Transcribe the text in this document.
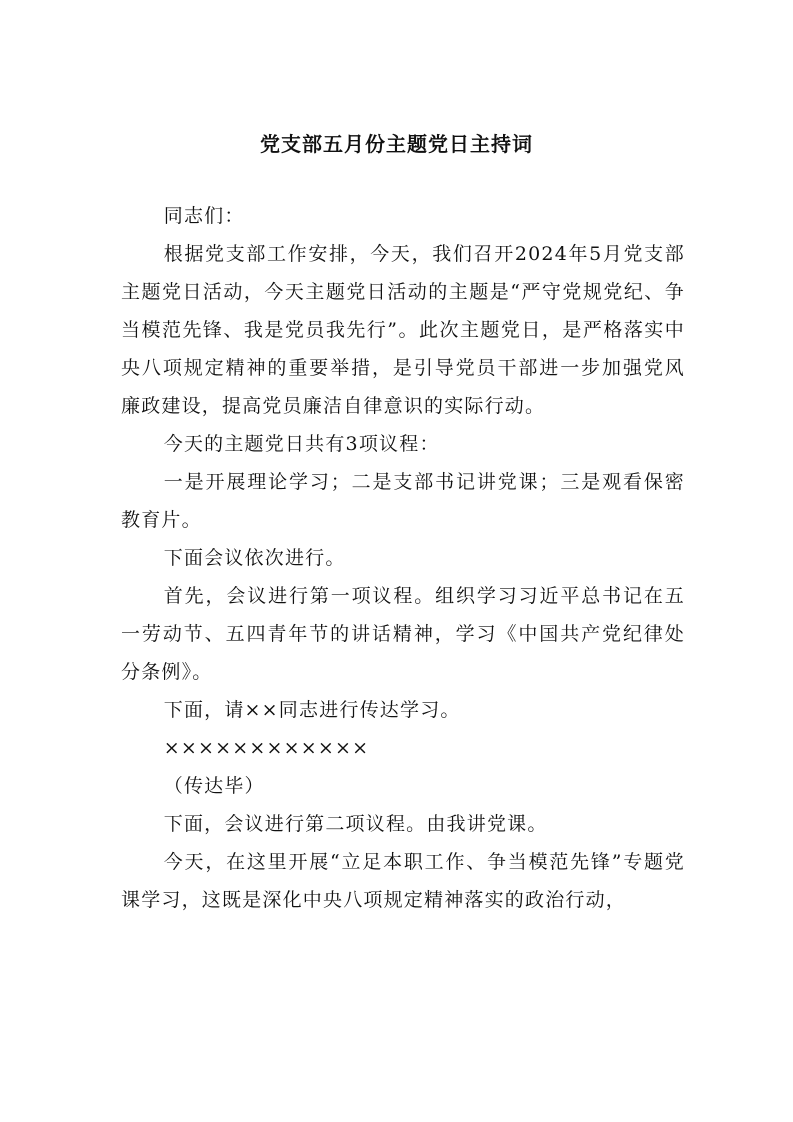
党支部五月份主题党日主持词

同志们：

根据党支部工作安排，今天，我们召开2024年5月党支部主题党日活动，今天主题党日活动的主题是“严守党规党纪、争当模范先锋、我是党员我先行”。此次主题党日，是严格落实中央八项规定精神的重要举措，是引导党员干部进一步加强党风廉政建设，提高党员廉洁自律意识的实际行动。

今天的主题党日共有3项议程：

一是开展理论学习；二是支部书记讲党课；三是观看保密教育片。

下面会议依次进行。

首先，会议进行第一项议程。组织学习习近平总书记在五一劳动节、五四青年节的讲话精神，学习《中国共产党纪律处分条例》。

下面，请××同志进行传达学习。

××××××××××××

（传达毕）

下面，会议进行第二项议程。由我讲党课。

今天，在这里开展“立足本职工作、争当模范先锋”专题党课学习，这既是深化中央八项规定精神落实的政治行动，
